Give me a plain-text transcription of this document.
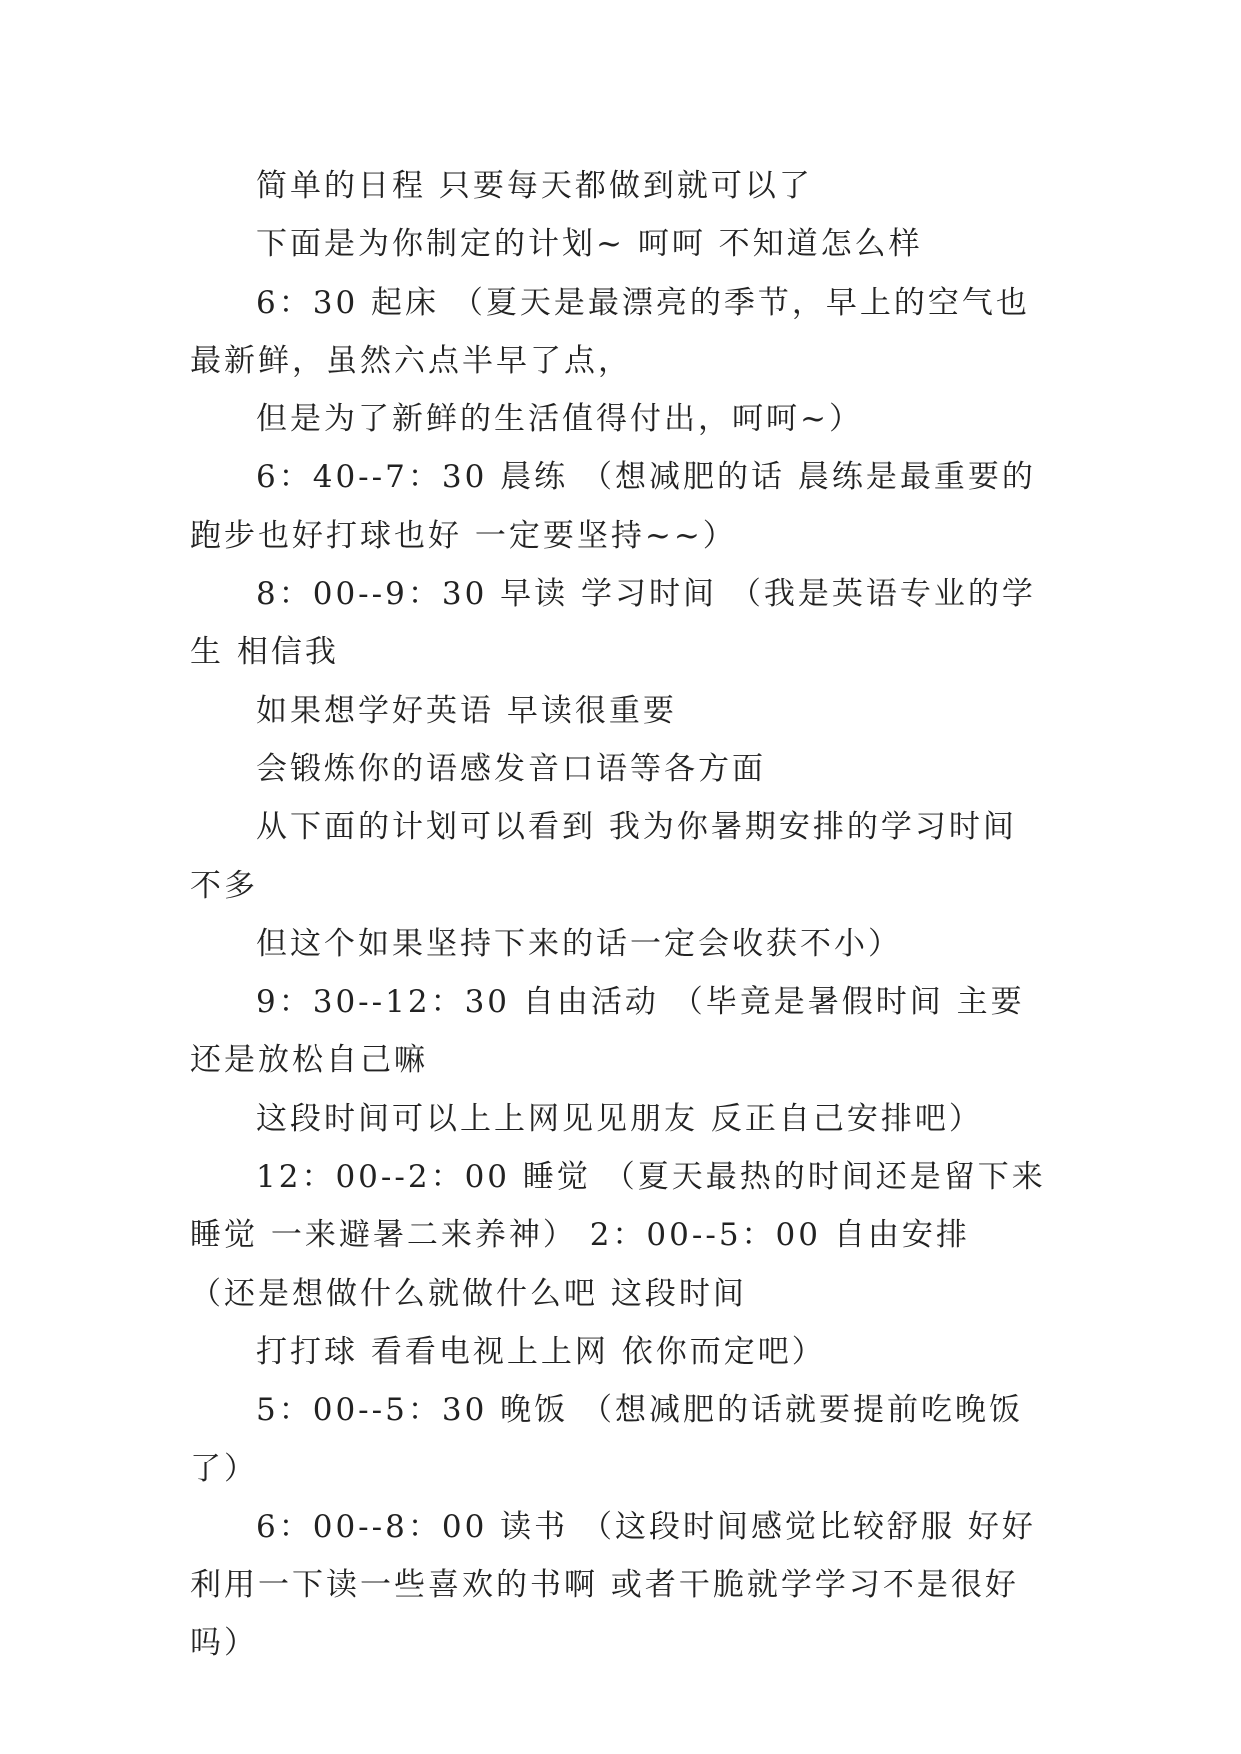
简单的日程 只要每天都做到就可以了

下面是为你制定的计划~ 呵呵 不知道怎么样

6：30 起床 （夏天是最漂亮的季节，早上的空气也最新鲜，虽然六点半早了点，

但是为了新鲜的生活值得付出，呵呵~）

6：40--7：30 晨练 （想减肥的话 晨练是最重要的 跑步也好打球也好 一定要坚持~~）

8：00--9：30 早读 学习时间 （我是英语专业的学生 相信我

如果想学好英语 早读很重要

会锻炼你的语感发音口语等各方面

从下面的计划可以看到 我为你暑期安排的学习时间不多

但这个如果坚持下来的话一定会收获不小）

9：30--12：30 自由活动 （毕竟是暑假时间 主要还是放松自己嘛

这段时间可以上上网见见朋友 反正自己安排吧）

12：00--2：00 睡觉 （夏天最热的时间还是留下来睡觉 一来避暑二来养神） 2：00--5：00 自由安排 （还是想做什么就做什么吧 这段时间

打打球 看看电视上上网 依你而定吧）

5：00--5：30 晚饭 （想减肥的话就要提前吃晚饭了）

6：00--8：00 读书 （这段时间感觉比较舒服 好好利用一下读一些喜欢的书啊 或者干脆就学学习不是很好吗）
